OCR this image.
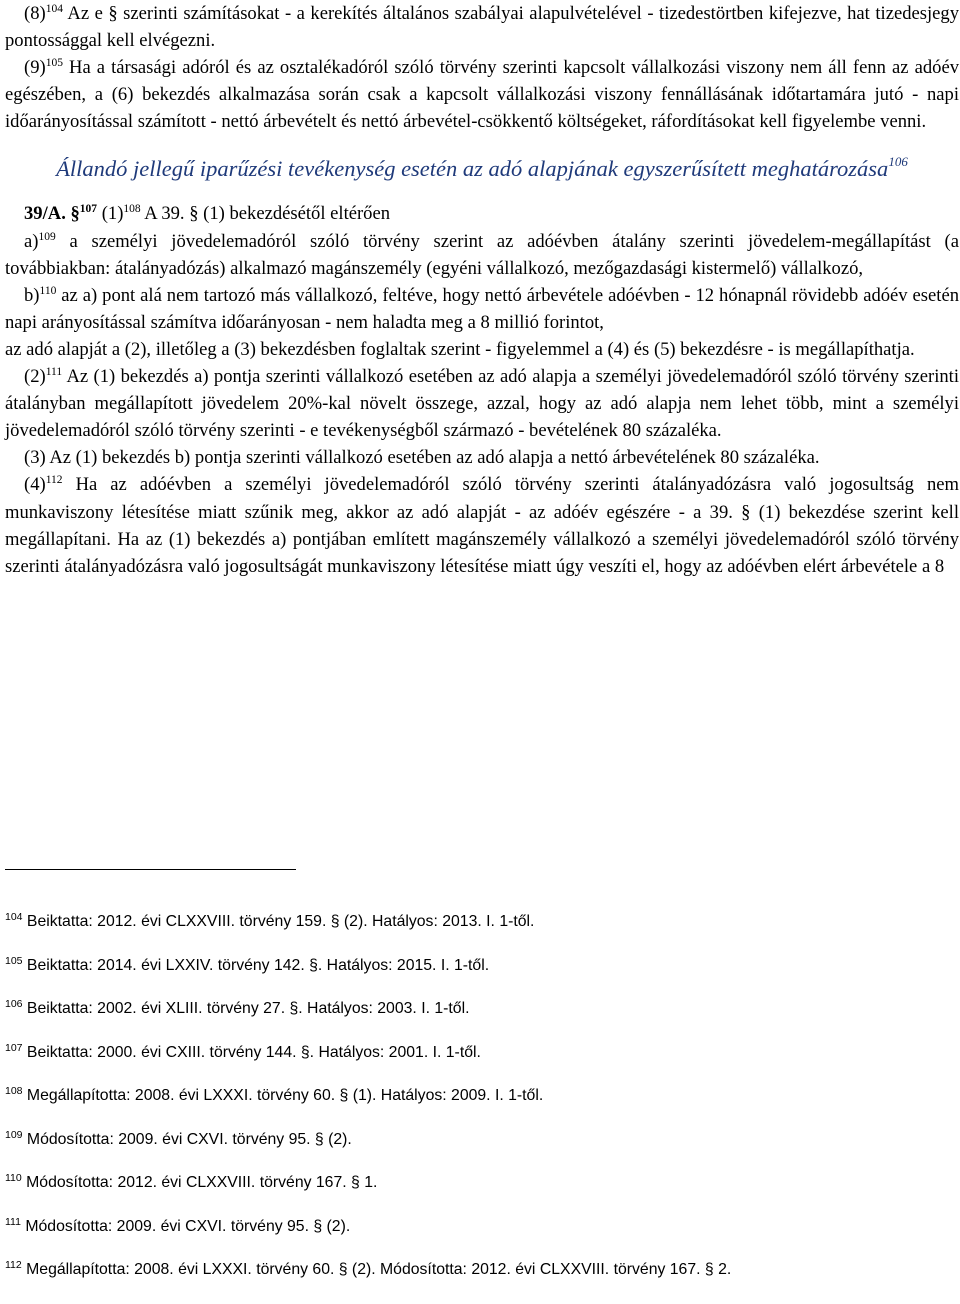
$(8)^{104}$ Az e § szerinti számításokat - a kerekítés általános szabályai alapulvételével - tizedestörtben kifejezve, hat tizedesjegy pontossággal kell elvégezni.

$(9)^{105}$ Ha a társasági adóról és az osztalékadóról szóló törvény szerinti kapcsolt vállalkozási viszony nem áll fenn az adóév egészében, a (6) bekezdés alkalmazása során csak a kapcsolt vállalkozási viszony fennállásának időtartamára jutó - napi időarányosítással számított - nettó árbevételt és nettó árbevétel-csökkentő költségeket, ráfordításokat kell figyelembe venni.

Állandó jellegű iparűzési tevékenység esetén az adó alapjának egyszerűsített meghatározása$^{106}$

39/A. §$^{107}$ $(1)^{108}$ A 39. § (1) bekezdésétől eltérően

a)$^{109}$ a személyi jövedelemadóról szóló törvény szerint az adóévben átalány szerinti jövedelem-megállapítást (a továbbiakban: átalányadózás) alkalmazó magánszemély (egyéni vállalkozó, mezőgazdasági kistermelő) vállalkozó,

b)$^{110}$ az a) pont alá nem tartozó más vállalkozó, feltéve, hogy nettó árbevétele adóévben - 12 hónapnál rövidebb adóév esetén napi arányosítással számítva időarányosan - nem haladta meg a 8 millió forintot,

az adó alapját a (2), illetőleg a (3) bekezdésben foglaltak szerint - figyelemmel a (4) és (5) bekezdésre - is megállapíthatja.

$(2)^{111}$ Az (1) bekezdés a) pontja szerinti vállalkozó esetében az adó alapja a személyi jövedelemadóról szóló törvény szerinti átalányban megállapított jövedelem 20%-kal növelt összege, azzal, hogy az adó alapja nem lehet több, mint a személyi jövedelemadóról szóló törvény szerinti - e tevékenységből származó - bevételének 80 százaléka.

(3) Az (1) bekezdés b) pontja szerinti vállalkozó esetében az adó alapja a nettó árbevételének 80 százaléka.

$(4)^{112}$ Ha az adóévben a személyi jövedelemadóról szóló törvény szerinti átalányadózásra való jogosultság nem munkaviszony létesítése miatt szűnik meg, akkor az adó alapját - az adóév egészére - a 39. § (1) bekezdése szerint kell megállapítani. Ha az (1) bekezdés a) pontjában említett magánszemély vállalkozó a személyi jövedelemadóról szóló törvény szerinti átalányadózásra való jogosultságát munkaviszony létesítése miatt úgy veszíti el, hogy az adóévben elért árbevétele a 8

$^{104}$ Beiktatta: 2012. évi CLXXVIII. törvény 159. § (2). Hatályos: 2013. I. 1-től.

$^{105}$ Beiktatta: 2014. évi LXXIV. törvény 142. §. Hatályos: 2015. I. 1-től.

$^{106}$ Beiktatta: 2002. évi XLIII. törvény 27. §. Hatályos: 2003. I. 1-től.

$^{107}$ Beiktatta: 2000. évi CXIII. törvény 144. §. Hatályos: 2001. I. 1-től.

$^{108}$ Megállapította: 2008. évi LXXXI. törvény 60. § (1). Hatályos: 2009. I. 1-től.

$^{109}$ Módosította: 2009. évi CXVI. törvény 95. § (2).

$^{110}$ Módosította: 2012. évi CLXXVIII. törvény 167. § 1.

$^{111}$ Módosította: 2009. évi CXVI. törvény 95. § (2).

$^{112}$ Megállapította: 2008. évi LXXXI. törvény 60. § (2). Módosította: 2012. évi CLXXVIII. törvény 167. § 2.
